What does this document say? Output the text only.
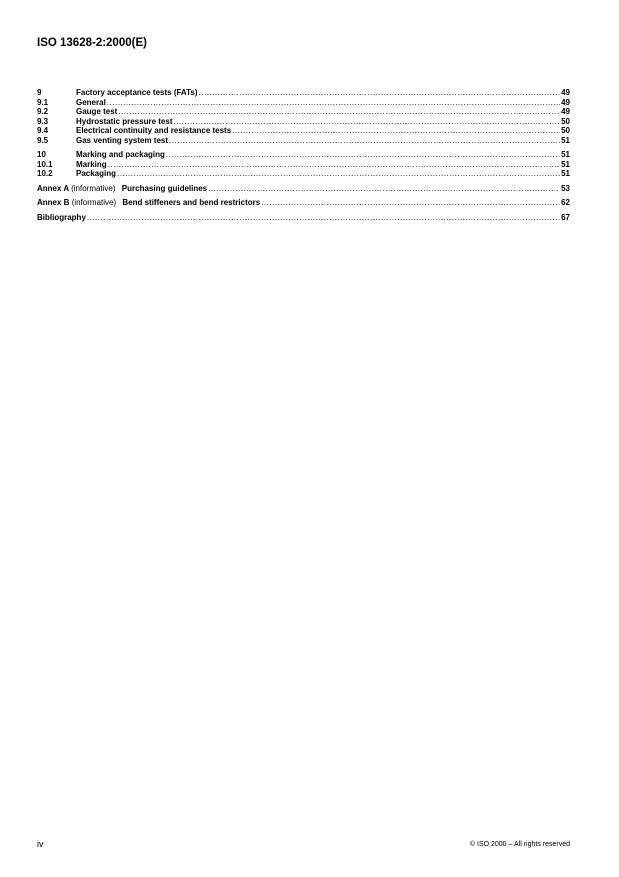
ISO 13628-2:2000(E)
9	Factory acceptance tests (FATs) .....	49
9.1	General .....	49
9.2	Gauge test .....	49
9.3	Hydrostatic pressure test .....	50
9.4	Electrical continuity and resistance tests .....	50
9.5	Gas venting system test .....	51
10	Marking and packaging .....	51
10.1	Marking .....	51
10.2	Packaging .....	51
Annex A (informative) Purchasing guidelines .....	53
Annex B (informative) Bend stiffeners and bend restrictors .....	62
Bibliography .....	67
iv	© ISO 2000 – All rights reserved
